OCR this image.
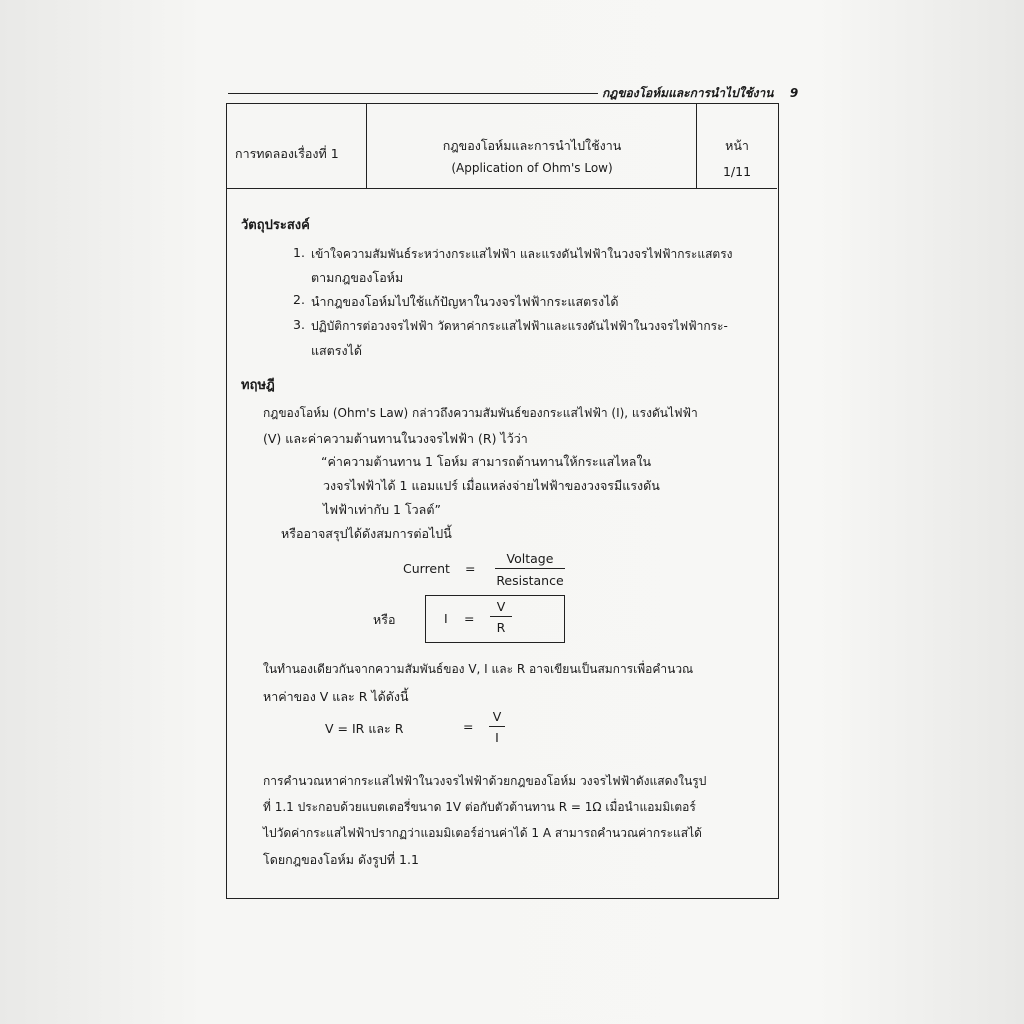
กฎของโอห์มและการนำไปใช้งาน 9
การทดลองเรื่องที่ 1
กฎของโอห์มและการนำไปใช้งาน
(Application of Ohm's Low)
หน้า
1/11
วัตถุประสงค์
1. เข้าใจความสัมพันธ์ระหว่างกระแสไฟฟ้า และแรงดันไฟฟ้าในวงจรไฟฟ้ากระแสตรง
ตามกฎของโอห์ม
2. นำกฎของโอห์มไปใช้แก้ปัญหาในวงจรไฟฟ้ากระแสตรงได้
3. ปฏิบัติการต่อวงจรไฟฟ้า วัดหาค่ากระแสไฟฟ้าและแรงดันไฟฟ้าในวงจรไฟฟ้ากระ-
แสตรงได้
ทฤษฎี
กฎของโอห์ม (Ohm's Law) กล่าวถึงความสัมพันธ์ของกระแสไฟฟ้า (I), แรงดันไฟฟ้า
(V) และค่าความต้านทานในวงจรไฟฟ้า (R) ไว้ว่า
“ค่าความต้านทาน 1 โอห์ม สามารถต้านทานให้กระแสไหลใน
วงจรไฟฟ้าได้ 1 แอมแปร์ เมื่อแหล่งจ่ายไฟฟ้าของวงจรมีแรงดัน
ไฟฟ้าเท่ากับ 1 โวลต์”
หรืออาจสรุปได้ดังสมการต่อไปนี้
Current =
Voltage
Resistance
หรือ	I =
V
R
ในทำนองเดียวกันจากความสัมพันธ์ของ V, I และ R อาจเขียนเป็นสมการเพื่อคำนวณ
หาค่าของ V และ R ได้ดังนี้
V = IR และ R	=
V
I
การคำนวณหาค่ากระแสไฟฟ้าในวงจรไฟฟ้าด้วยกฎของโอห์ม วงจรไฟฟ้าดังแสดงในรูป
ที่ 1.1 ประกอบด้วยแบตเตอรี่ขนาด 1V ต่อกับตัวต้านทาน R = 1Ω เมื่อนำแอมมิเตอร์
ไปวัดค่ากระแสไฟฟ้าปรากฏว่าแอมมิเตอร์อ่านค่าได้ 1 A สามารถคำนวณค่ากระแสได้
โดยกฎของโอห์ม ดังรูปที่ 1.1
